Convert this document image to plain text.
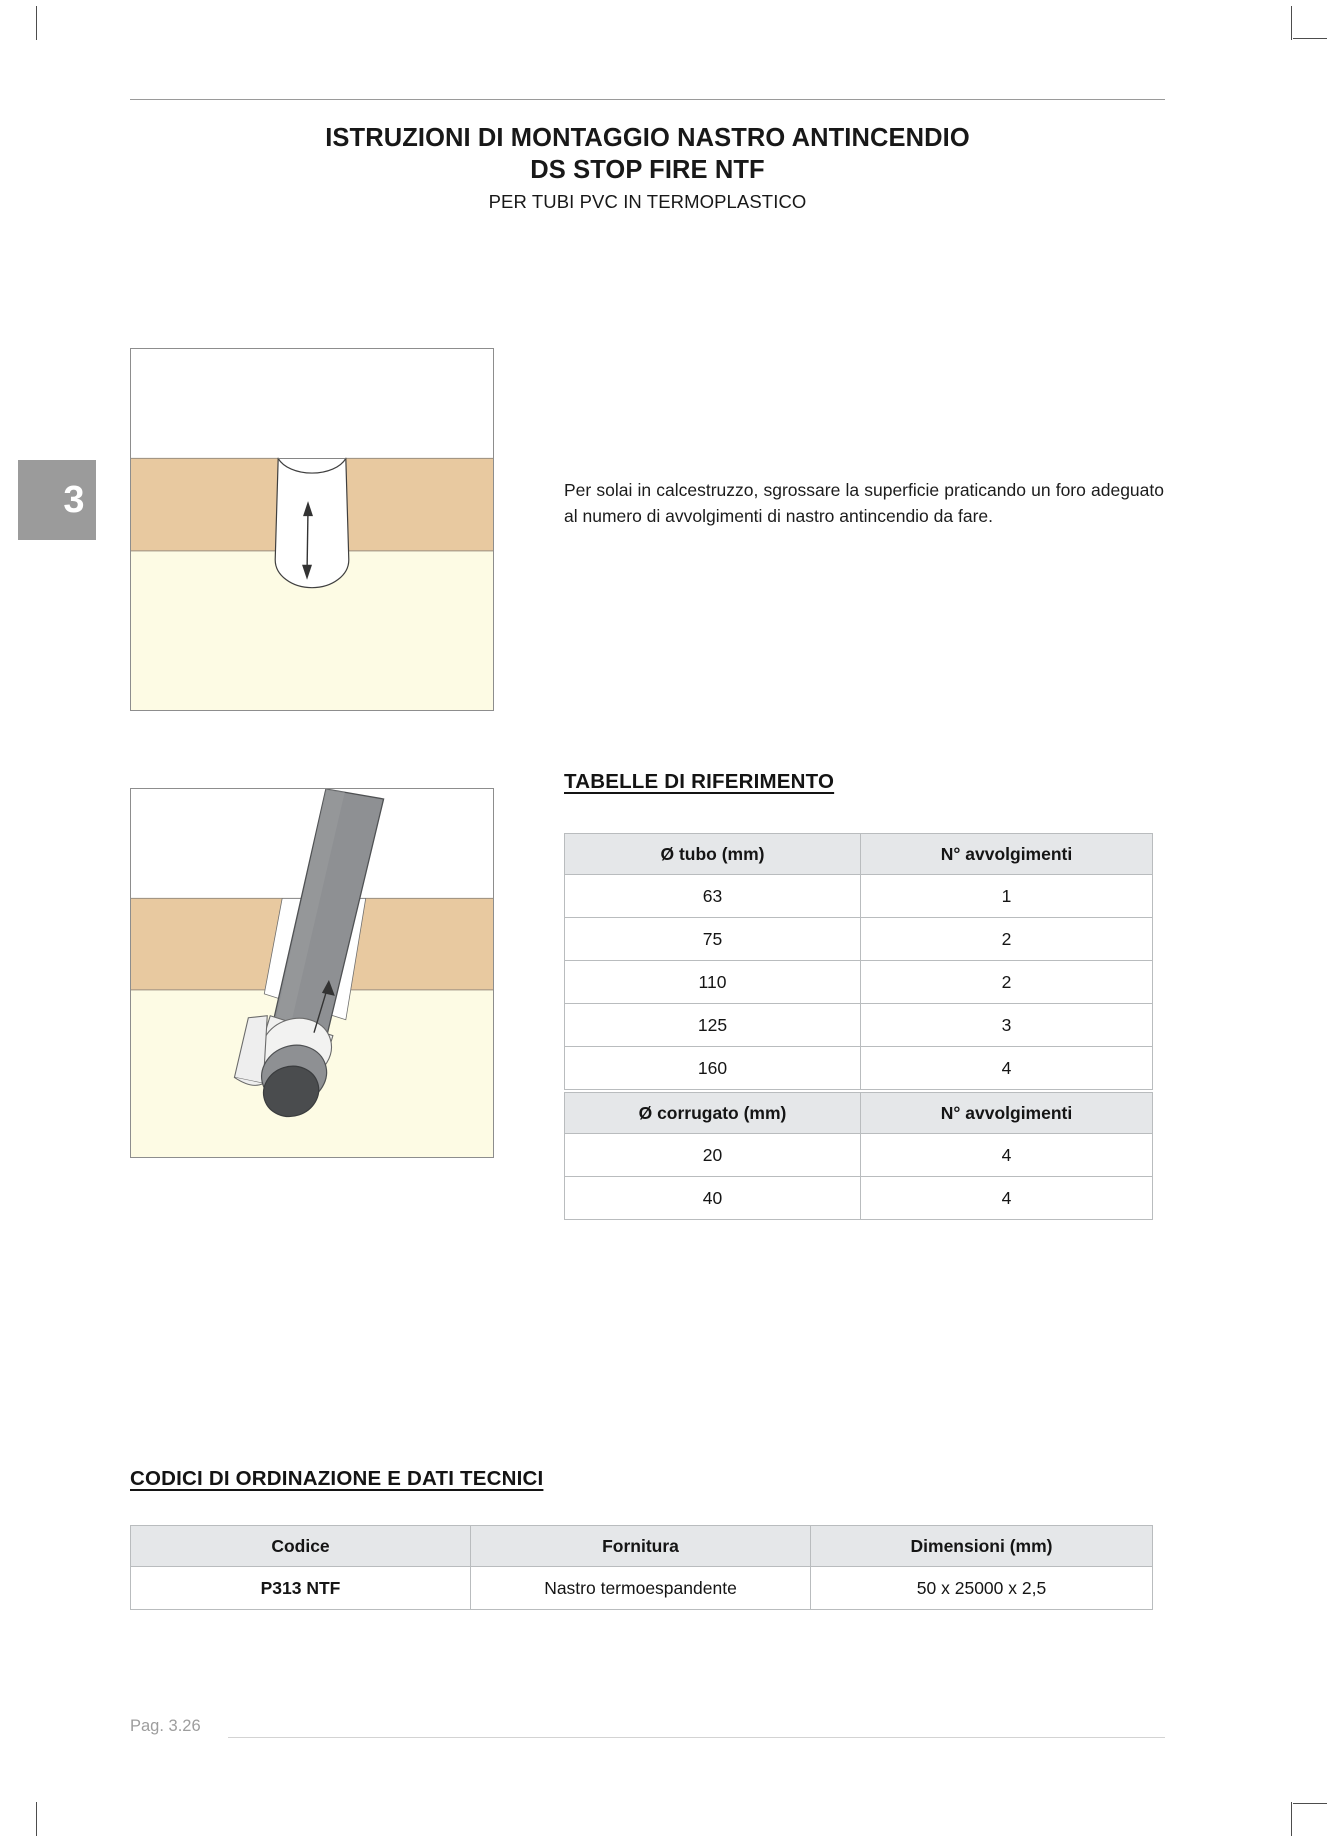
3
ISTRUZIONI DI MONTAGGIO NASTRO ANTINCENDIO
DS STOP FIRE NTF
PER TUBI PVC IN TERMOPLASTICO
Per solai in calcestruzzo, sgrossare la superficie praticando un foro adeguato al numero di avvolgimenti di nastro antincendio da fare.
TABELLE DI RIFERIMENTO
Ø tubo (mm)	N° avvolgimenti
63	1
75	2
110	2
125	3
160	4
Ø corrugato (mm)	N° avvolgimenti
20	4
40	4
CODICI DI ORDINAZIONE E DATI TECNICI
Codice	Fornitura	Dimensioni (mm)
P313 NTF	Nastro termoespandente	50 x 25000 x 2,5
Pag. 3.26
